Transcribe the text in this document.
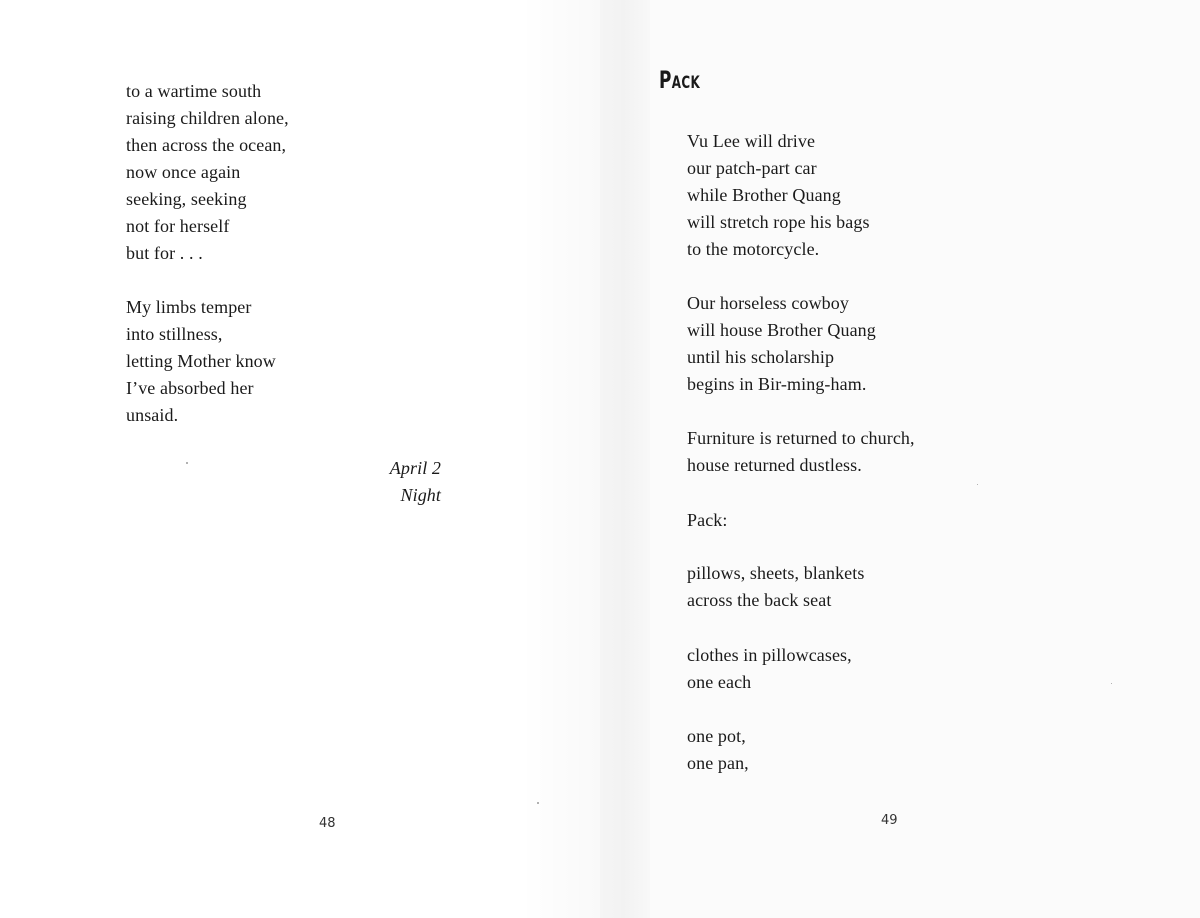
to a wartime south
raising children alone,
then across the ocean,
now once again
seeking, seeking
not for herself
but for . . .
My limbs temper
into stillness,
letting Mother know
I’ve absorbed her
unsaid.
April 2
Night
48
Pack
Vu Lee will drive
our patch-part car
while Brother Quang
will stretch rope his bags
to the motorcycle.
Our horseless cowboy
will house Brother Quang
until his scholarship
begins in Bir-ming-ham.
Furniture is returned to church,
house returned dustless.
Pack:
pillows, sheets, blankets
across the back seat
clothes in pillowcases,
one each
one pot,
one pan,
49
